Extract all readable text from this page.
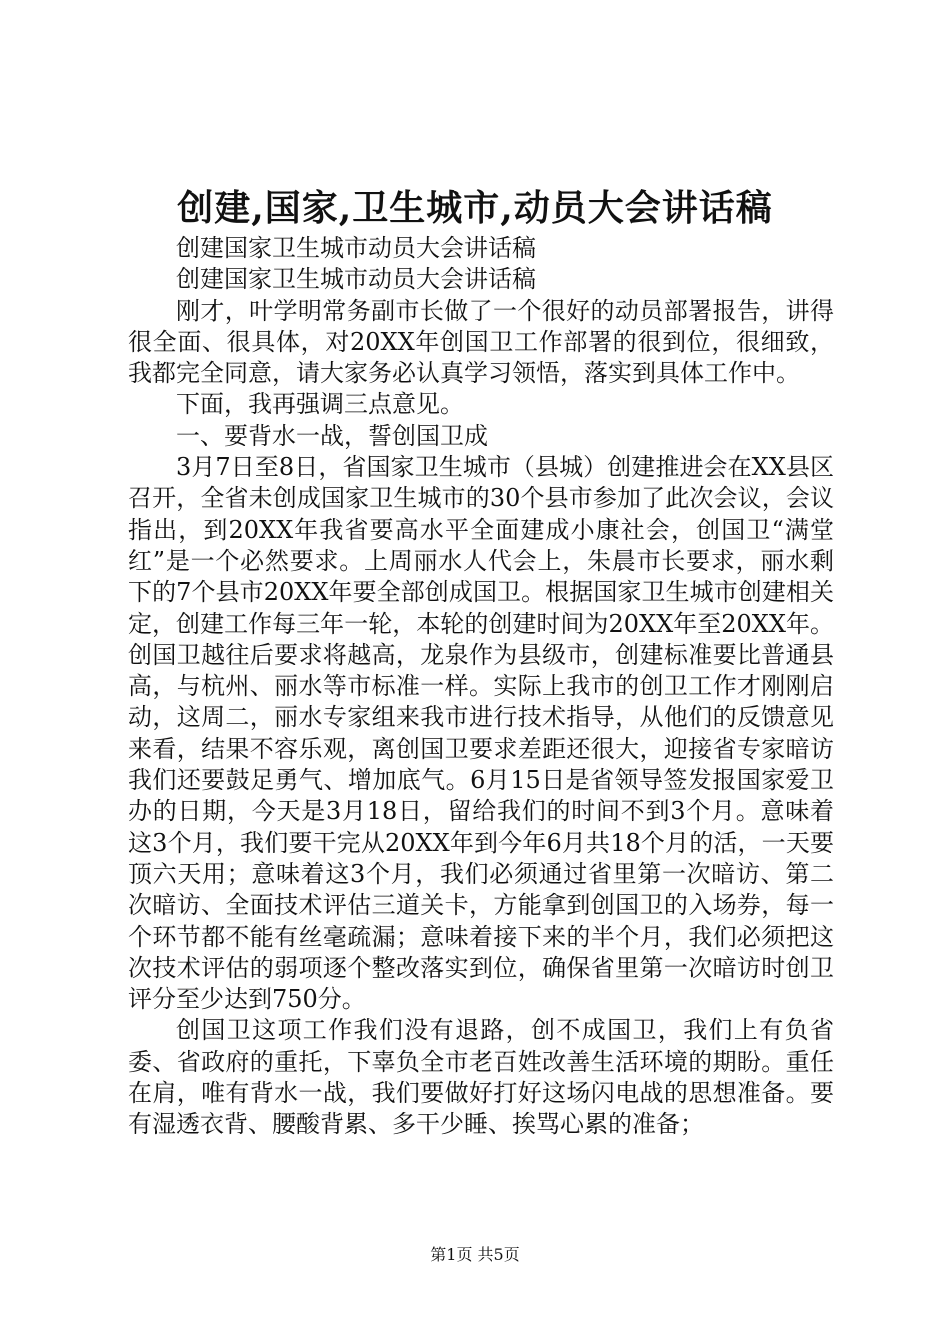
创建,国家,卫生城市,动员大会讲话稿

创建国家卫生城市动员大会讲话稿

创建国家卫生城市动员大会讲话稿

刚才，叶学明常务副市长做了一个很好的动员部署报告，讲得很全面、很具体，对20XX年创国卫工作部署的很到位，很细致，我都完全同意，请大家务必认真学习领悟，落实到具体工作中。

下面，我再强调三点意见。

一、要背水一战，誓创国卫成

3月7日至8日，省国家卫生城市（县城）创建推进会在XX县区召开，全省未创成国家卫生城市的30个县市参加了此次会议，会议指出，到20XX年我省要高水平全面建成小康社会，创国卫“满堂红”是一个必然要求。上周丽水人代会上，朱晨市长要求，丽水剩下的7个县市20XX年要全部创成国卫。根据国家卫生城市创建相关定，创建工作每三年一轮，本轮的创建时间为20XX年至20XX年。创国卫越往后要求将越高，龙泉作为县级市，创建标准要比普通县高，与杭州、丽水等市标准一样。实际上我市的创卫工作才刚刚启动，这周二，丽水专家组来我市进行技术指导，从他们的反馈意见来看，结果不容乐观，离创国卫要求差距还很大，迎接省专家暗访我们还要鼓足勇气、增加底气。6月15日是省领导签发报国家爱卫办的日期，今天是3月18日，留给我们的时间不到3个月。意味着这3个月，我们要干完从20XX年到今年6月共18个月的活，一天要顶六天用；意味着这3个月，我们必须通过省里第一次暗访、第二次暗访、全面技术评估三道关卡，方能拿到创国卫的入场券，每一个环节都不能有丝毫疏漏；意味着接下来的半个月，我们必须把这次技术评估的弱项逐个整改落实到位，确保省里第一次暗访时创卫评分至少达到750分。

创国卫这项工作我们没有退路，创不成国卫，我们上有负省委、省政府的重托，下辜负全市老百姓改善生活环境的期盼。重任在肩，唯有背水一战，我们要做好打好这场闪电战的思想准备。要有湿透衣背、腰酸背累、多干少睡、挨骂心累的准备；

第1页 共5页
